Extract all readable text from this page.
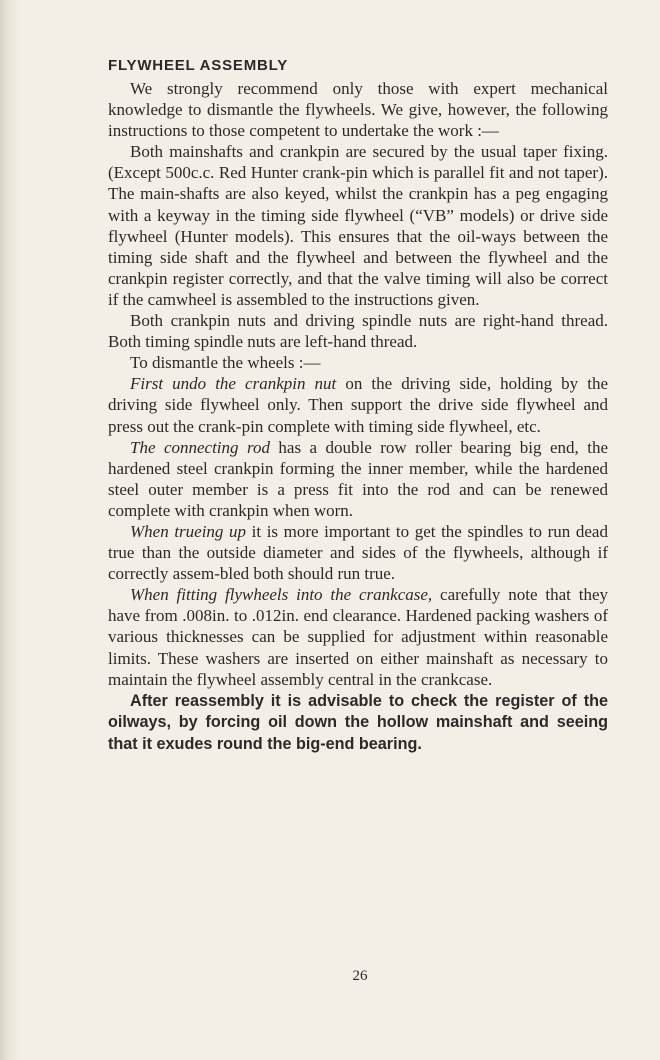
FLYWHEEL ASSEMBLY

We strongly recommend only those with expert mechanical knowledge to dismantle the flywheels. We give, however, the following instructions to those competent to undertake the work :—

Both mainshafts and crankpin are secured by the usual taper fixing. (Except 500c.c. Red Hunter crank-pin which is parallel fit and not taper). The main-shafts are also keyed, whilst the crankpin has a peg engaging with a keyway in the timing side flywheel (“VB” models) or drive side flywheel (Hunter models). This ensures that the oil-ways between the timing side shaft and the flywheel and between the flywheel and the crankpin register correctly, and that the valve timing will also be correct if the camwheel is assembled to the instructions given.

Both crankpin nuts and driving spindle nuts are right-hand thread. Both timing spindle nuts are left-hand thread.

To dismantle the wheels :—

First undo the crankpin nut on the driving side, holding by the driving side flywheel only. Then support the drive side flywheel and press out the crank-pin complete with timing side flywheel, etc.

The connecting rod has a double row roller bearing big end, the hardened steel crankpin forming the inner member, while the hardened steel outer member is a press fit into the rod and can be renewed complete with crankpin when worn.

When trueing up it is more important to get the spindles to run dead true than the outside diameter and sides of the flywheels, although if correctly assem-bled both should run true.

When fitting flywheels into the crankcase, carefully note that they have from .008in. to .012in. end clearance. Hardened packing washers of various thicknesses can be supplied for adjustment within reasonable limits. These washers are inserted on either mainshaft as necessary to maintain the flywheel assembly central in the crankcase.

After reassembly it is advisable to check the register of the oilways, by forcing oil down the hollow mainshaft and seeing that it exudes round the big-end bearing.

26
